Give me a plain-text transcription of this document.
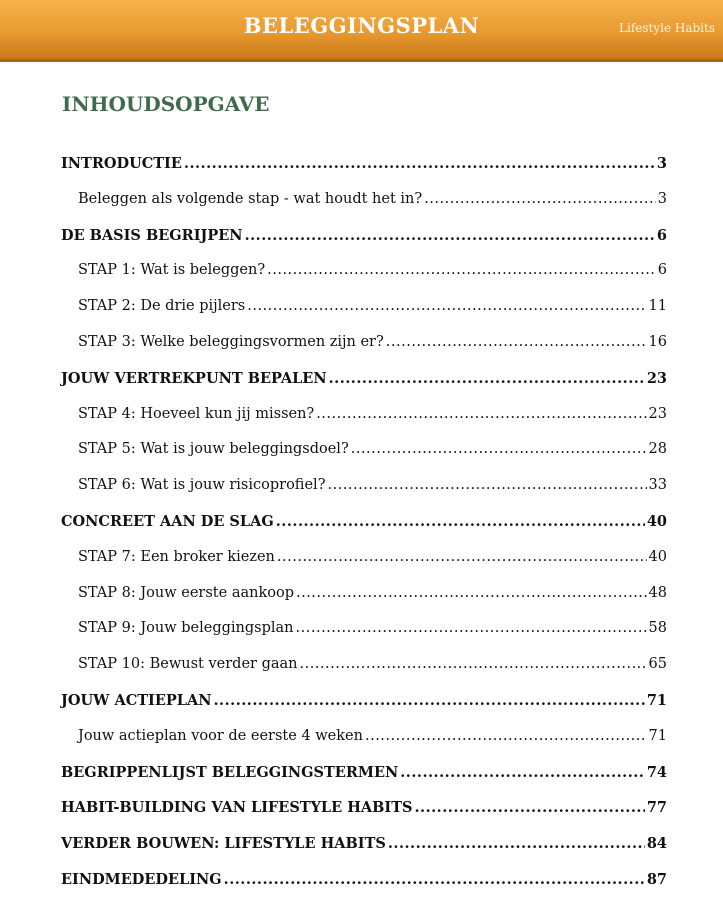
BELEGGINGSPLAN	Lifestyle Habits
INHOUDSOPGAVE
INTRODUCTIE .....	3
Beleggen als volgende stap - wat houdt het in? .....	3
DE BASIS BEGRIJPEN .....	6
STAP 1: Wat is beleggen? .....	6
STAP 2: De drie pijlers .....	11
STAP 3: Welke beleggingsvormen zijn er? .....	16
JOUW VERTREKPUNT BEPALEN .....	23
STAP 4: Hoeveel kun jij missen? .....	23
STAP 5: Wat is jouw beleggingsdoel? .....	28
STAP 6: Wat is jouw risicoprofiel? .....	33
CONCREET AAN DE SLAG .....	40
STAP 7: Een broker kiezen .....	40
STAP 8: Jouw eerste aankoop .....	48
STAP 9: Jouw beleggingsplan .....	58
STAP 10: Bewust verder gaan .....	65
JOUW ACTIEPLAN .....	71
Jouw actieplan voor de eerste 4 weken .....	71
BEGRIPPENLIJST BELEGGINGSTERMEN .....	74
HABIT-BUILDING VAN LIFESTYLE HABITS .....	77
VERDER BOUWEN: LIFESTYLE HABITS .....	84
EINDMEDEDELING .....	87
